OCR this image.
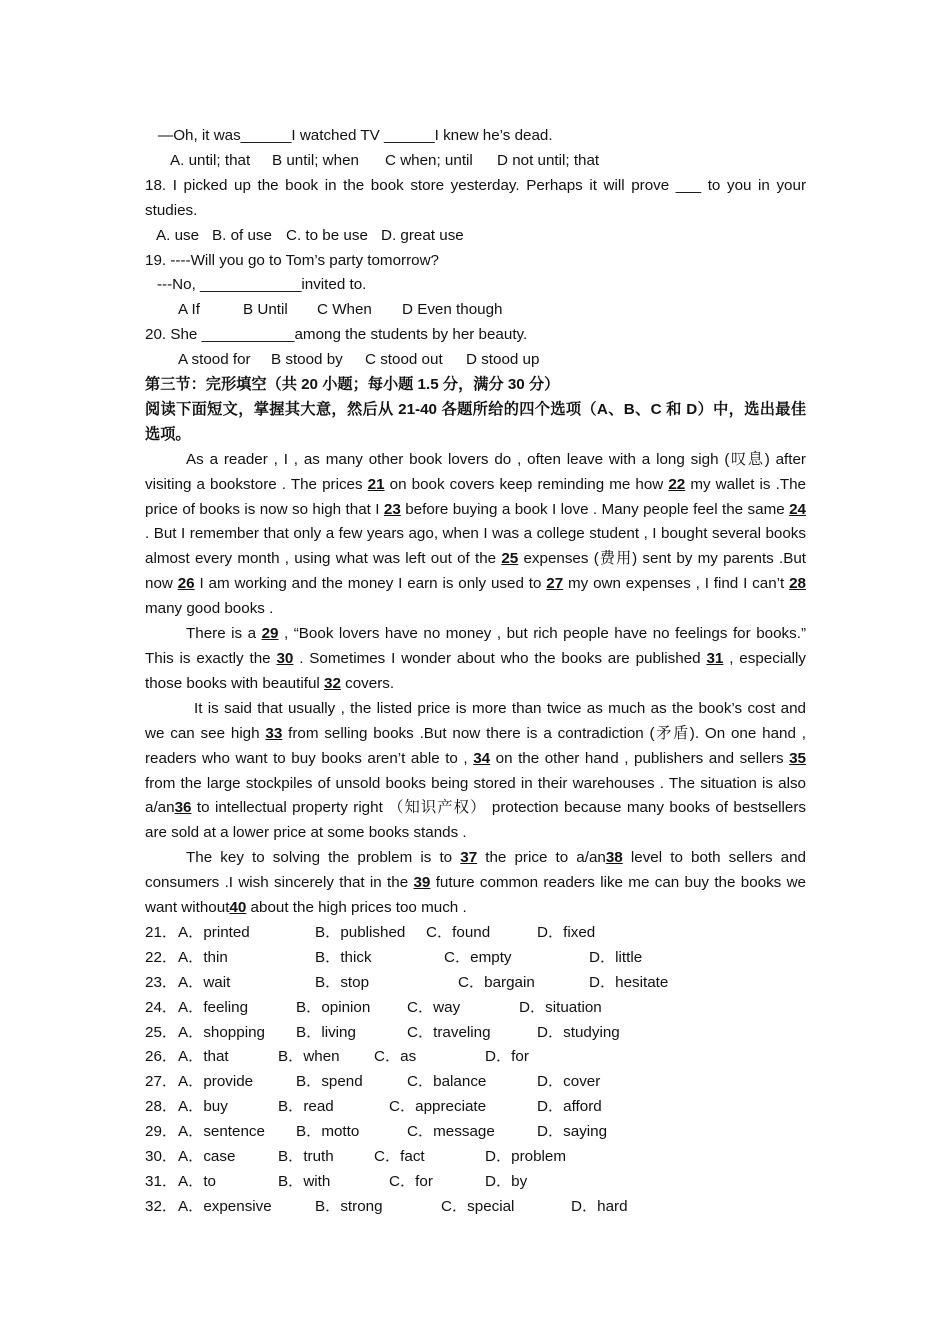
—Oh, it was______I watched TV ______I knew he’s dead.
A. until; that B until; when C when; until D not until; that
18. I picked up the book in the book store yesterday. Perhaps it will prove ___ to you in your studies.
A. use B. of use C. to be use D. great use
19. ----Will you go to Tom’s party tomorrow?
---No, ____________invited to.
A If	B Until C When D Even though
20. She ___________among the students by her beauty.
A stood for B stood by C stood out D stood up
第三节：完形填空（共 20 小题；每小题 1.5 分，满分 30 分）
阅读下面短文，掌握其大意，然后从 21-40 各题所给的四个选项（A、B、C 和 D）中，选出最佳选项。
As a reader , I , as many other book lovers do , often leave with a long sigh (叹息) after visiting a bookstore . The prices 21 on book covers keep reminding me how 22 my wallet is .The price of books is now so high that I 23 before buying a book I love . Many people feel the same 24 . But I remember that only a few years ago, when I was a college student , I bought several books almost every month , using what was left out of the 25 expenses (费用) sent by my parents .But now 26 I am working and the money I earn is only used to 27 my own expenses , I find I can’t 28 many good books .
There is a 29 , “Book lovers have no money , but rich people have no feelings for books.” This is exactly the 30 . Sometimes I wonder about who the books are published 31 , especially those books with beautiful 32 covers.
It is said that usually , the listed price is more than twice as much as the book’s cost and we can see high 33 from selling books .But now there is a contradiction (矛盾). On one hand , readers who want to buy books aren’t able to , 34 on the other hand , publishers and sellers 35 from the large stockpiles of unsold books being stored in their warehouses . The situation is also a/an36 to intellectual property right （知识产权） protection because many books of bestsellers are sold at a lower price at some books stands .
The key to solving the problem is to 37 the price to a/an38 level to both sellers and consumers .I wish sincerely that in the 39 future common readers like me can buy the books we want without40 about the high prices too much .
21． A．printed	B．published C．found	D．fixed
22． A．thin	B．thick	C．empty	D．little
23． A．wait	B．stop	C．bargain	D．hesitate
24． A．feeling	B．opinion C．way	D．situation
25． A．shopping B．living	C．traveling	D．studying
26． A．that	B．when C．as	D．for
27． A．provide	B．spend	C．balance	D．cover
28． A．buy	B．read	C．appreciate	D．afford
29． A．sentence B．motto	C．message	D．saying
30． A．case	B．truth	C．fact	D．problem
31． A．to	B．with	C．for	D．by
32． A．expensive	B．strong	C．special	D．hard
